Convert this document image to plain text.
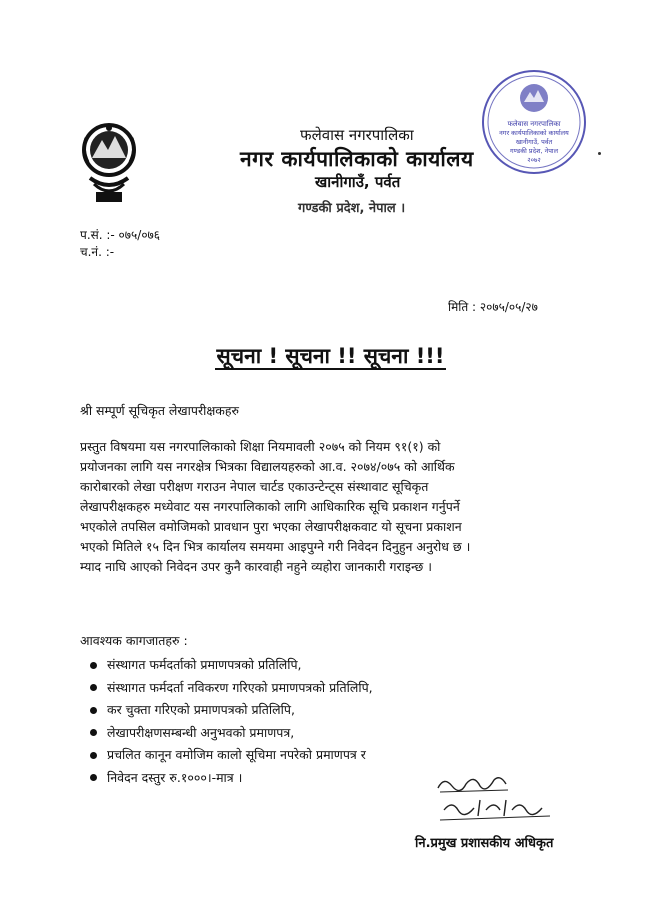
फलेवास नगरपालिका
नगर कार्यपालिकाको कार्यालय
खानीगाउँ, पर्वत
गण्डकी प्रदेश, नेपाल
२०७२
फलेवास नगरपालिका
नगर कार्यपालिकाको कार्यालय
खानीगाउँ, पर्वत
गण्डकी प्रदेश, नेपाल ।
प.सं. :- ०७५/०७६
च.नं. :-
मिति : २०७५/०५/२७
सूचना ! सूचना !! सूचना !!!
श्री सम्पूर्ण सूचिकृत लेखापरीक्षकहरु
प्रस्तुत विषयमा यस नगरपालिकाको शिक्षा नियमावली २०७५ को नियम ९१(१) को
प्रयोजनका लागि यस नगरक्षेत्र भित्रका विद्यालयहरुको आ.व. २०७४/०७५ को आर्थिक
कारोबारको लेखा परीक्षण गराउन नेपाल चार्टड एकाउन्टेन्ट्स संस्थावाट सूचिकृत
लेखापरीक्षकहरु मध्येवाट यस नगरपालिकाको लागि आधिकारिक सूचि प्रकाशन गर्नुपर्ने
भएकोले तपसिल वमोजिमको प्रावधान पुरा भएका लेखापरीक्षकवाट यो सूचना प्रकाशन
भएको मितिले १५ दिन भित्र कार्यालय समयमा आइपुग्ने गरी निवेदन दिनुहुन अनुरोध छ ।
म्याद नाघि आएको निवेदन उपर कुनै कारवाही नहुने व्यहोरा जानकारी गराइन्छ ।
आवश्यक कागजातहरु :
संस्थागत फर्मदर्ताको प्रमाणपत्रको प्रतिलिपि,
संस्थागत फर्मदर्ता नविकरण गरिएको प्रमाणपत्रको प्रतिलिपि,
कर चुक्ता गरिएको प्रमाणपत्रको प्रतिलिपि,
लेखापरीक्षणसम्बन्धी अनुभवको प्रमाणपत्र,
प्रचलित कानून वमोजिम कालो सूचिमा नपरेको प्रमाणपत्र र
निवेदन दस्तुर रु.१०००।-मात्र ।
नि.प्रमुख प्रशासकीय अधिकृत
